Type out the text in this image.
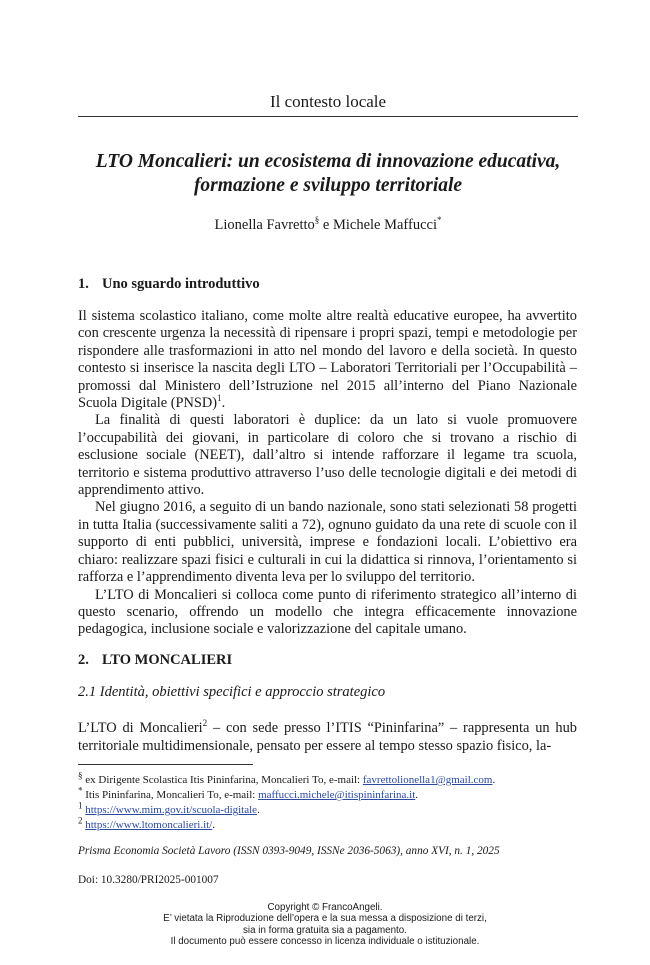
Il contesto locale
LTO Moncalieri: un ecosistema di innovazione educativa,
formazione e sviluppo territoriale
Lionella Favretto§ e Michele Maffucci*
1. Uno sguardo introduttivo

Il sistema scolastico italiano, come molte altre realtà educative europee, ha avvertito con crescente urgenza la necessità di ripensare i propri spazi, tempi e metodologie per rispondere alle trasformazioni in atto nel mondo del lavoro e della società. In questo contesto si inserisce la nascita degli LTO – Laboratori Territoriali per l’Occupabilità – promossi dal Ministero dell’Istruzione nel 2015 all’interno del Piano Nazionale Scuola Digitale (PNSD)$^1$.

La finalità di questi laboratori è duplice: da un lato si vuole promuovere l’occupabilità dei giovani, in particolare di coloro che si trovano a rischio di esclusione sociale (NEET), dall’altro si intende rafforzare il legame tra scuola, territorio e sistema produttivo attraverso l’uso delle tecnologie digitali e dei metodi di apprendimento attivo.

Nel giugno 2016, a seguito di un bando nazionale, sono stati selezionati 58 progetti in tutta Italia (successivamente saliti a 72), ognuno guidato da una rete di scuole con il supporto di enti pubblici, università, imprese e fondazioni locali. L’obiettivo era chiaro: realizzare spazi fisici e culturali in cui la didattica si rinnova, l’orientamento si rafforza e l’apprendimento diventa leva per lo sviluppo del territorio.

L’LTO di Moncalieri si colloca come punto di riferimento strategico all’interno di questo scenario, offrendo un modello che integra efficacemente innovazione pedagogica, inclusione sociale e valorizzazione del capitale umano.

2. LTO MONCALIERI
2.1 Identità, obiettivi specifici e approccio strategico

L’LTO di Moncalieri$^2$ – con sede presso l’ITIS “Pininfarina” – rappresenta un hub territoriale multidimensionale, pensato per essere al tempo stesso spazio fisico, la-

§ ex Dirigente Scolastica Itis Pininfarina, Moncalieri To, e-mail: favrettolionella1@gmail.com.
* Itis Pininfarina, Moncalieri To, e-mail: maffucci.michele@itispininfarina.it.
$^1$ https://www.mim.gov.it/scuola-digitale.
$^2$ https://www.ltomoncalieri.it/.
Prisma Economia Società Lavoro (ISSN 0393-9049, ISSNe 2036-5063), anno XVI, n. 1, 2025
Doi: 10.3280/PRI2025-001007
Copyright © FrancoAngeli.
E’ vietata la Riproduzione dell’opera e la sua messa a disposizione di terzi,
sia in forma gratuita sia a pagamento.
Il documento può essere concesso in licenza individuale o istituzionale.
